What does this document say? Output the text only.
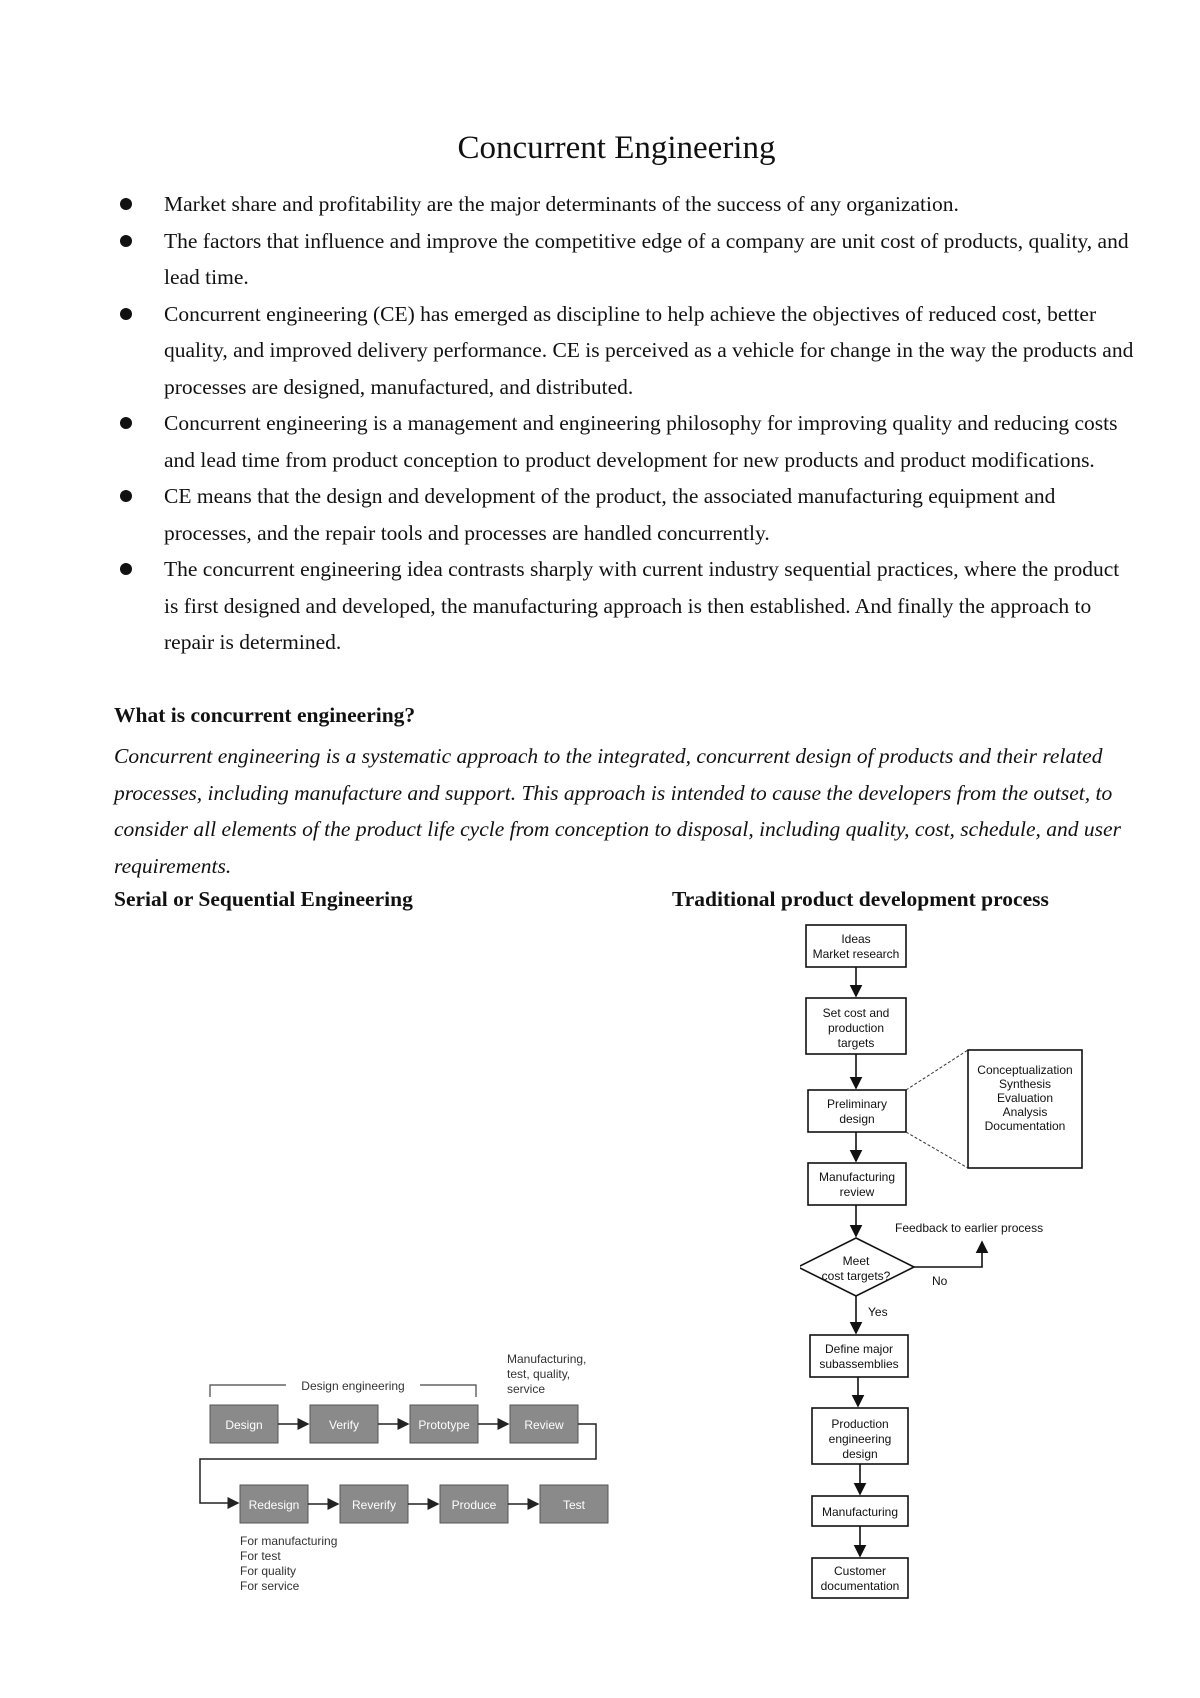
Concurrent Engineering
Market share and profitability are the major determinants of the success of any organization.
The factors that influence and improve the competitive edge of a company are unit cost of products, quality, and lead time.
Concurrent engineering (CE) has emerged as discipline to help achieve the objectives of reduced cost, better quality, and improved delivery performance. CE is perceived as a vehicle for change in the way the products and processes are designed, manufactured, and distributed.
Concurrent engineering is a management and engineering philosophy for improving quality and reducing costs and lead time from product conception to product development for new products and product modifications.
CE means that the design and development of the product, the associated manufacturing equipment and processes, and the repair tools and processes are handled concurrently.
The concurrent engineering idea contrasts sharply with current industry sequential practices, where the product is first designed and developed, the manufacturing approach is then established. And finally the approach to repair is determined.

What is concurrent engineering?

Concurrent engineering is a systematic approach to the integrated, concurrent design of products and their related processes, including manufacture and support. This approach is intended to cause the developers from the outset, to consider all elements of the product life cycle from conception to disposal, including quality, cost, schedule, and user requirements.

Serial or Sequential Engineering	Traditional product development process
Design engineering
Manufacturing,
test, quality,
service
Design	Verify	Prototype	Review
Redesign	Reverify	Produce	Test
For manufacturing
For test
For quality
For service
Ideas
Market research
Set cost and
production
targets
Preliminary
design
Manufacturing
review
Conceptualization
Synthesis
Evaluation
Analysis
Documentation
Meet
cost targets?
Define major
subassemblies
Production
engineering
design
Manufacturing
Customer
documentation
Feedback to earlier process
No
Yes
